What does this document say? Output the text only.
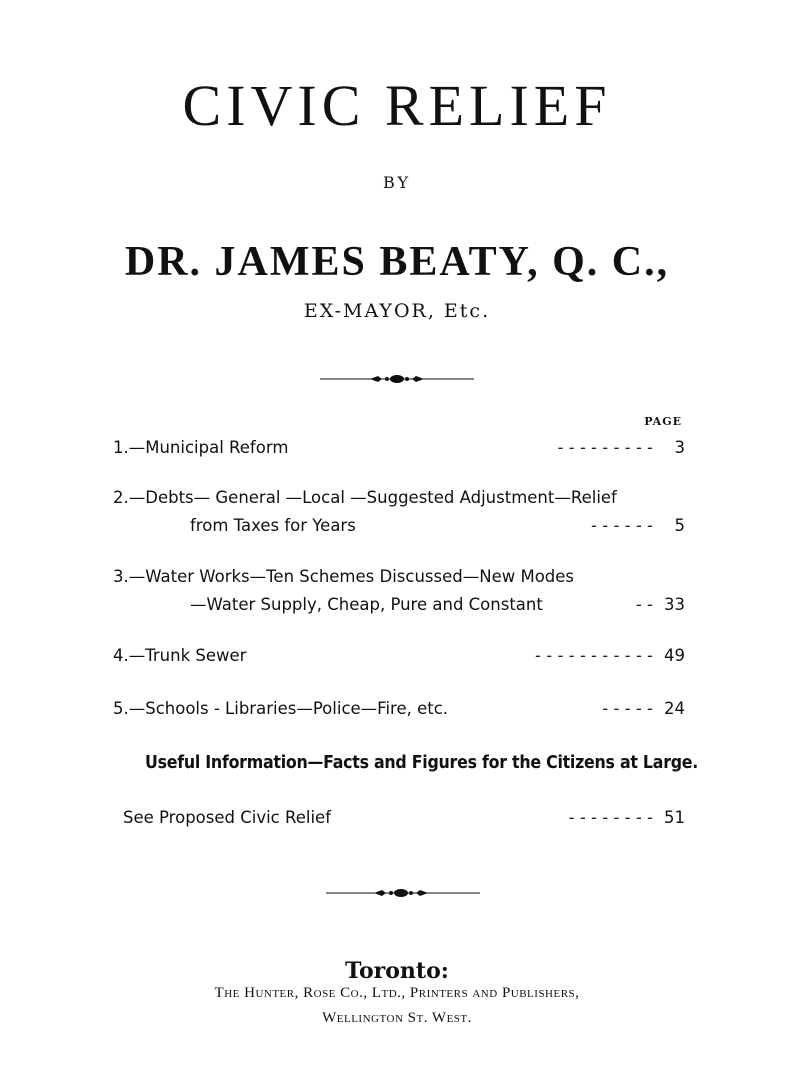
CIVIC RELIEF
BY
DR. JAMES BEATY, Q. C.,
EX-MAYOR, Etc.
PAGE
1.—Municipal Reform	- - - - - - - - -	3
2.—Debts— General —Local —Suggested Adjustment—Relief
from Taxes for Years	- - - - - -	5
3.—Water Works—Ten Schemes Discussed—New Modes
—Water Supply, Cheap, Pure and Constant	- - 33
4.—Trunk Sewer	- - - - - - - - - - - 49
5.—Schools - Libraries—Police—Fire, etc.	- - - - - 24
Useful Information—Facts and Figures for the Citizens at Large.
See Proposed Civic Relief	- - - - - - - - 51
Toronto:
The Hunter, Rose Co., Ltd., Printers and Publishers,
Wellington St. West.
